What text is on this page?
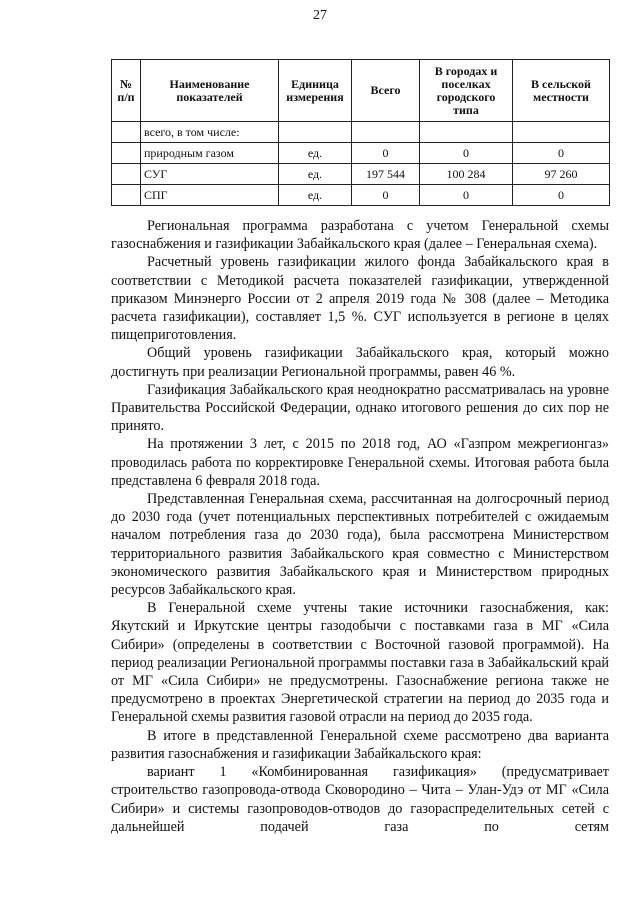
27
№ п/п	Наименование показателей	Единица измерения	Всего	В городах и поселках городского типа	В сельской местности
	всего, в том числе:				
	природным газом	ед.	0	0	0
	СУГ	ед.	197 544	100 284	97 260
	СПГ	ед.	0	0	0

Региональная программа разработана с учетом Генеральной схемы газоснабжения и газификации Забайкальского края (далее – Генеральная схема).

Расчетный уровень газификации жилого фонда Забайкальского края в соответствии с Методикой расчета показателей газификации, утвержденной приказом Минэнерго России от 2 апреля 2019 года № 308 (далее – Методика расчета газификации), составляет 1,5 %. СУГ используется в регионе в целях пищеприготовления.

Общий уровень газификации Забайкальского края, который можно достигнуть при реализации Региональной программы, равен 46 %.

Газификация Забайкальского края неоднократно рассматривалась на уровне Правительства Российской Федерации, однако итогового решения до сих пор не принято.

На протяжении 3 лет, с 2015 по 2018 год, АО «Газпром межрегионгаз» проводилась работа по корректировке Генеральной схемы. Итоговая работа была представлена 6 февраля 2018 года.

Представленная Генеральная схема, рассчитанная на долгосрочный период до 2030 года (учет потенциальных перспективных потребителей с ожидаемым началом потребления газа до 2030 года), была рассмотрена Министерством территориального развития Забайкальского края совместно с Министерством экономического развития Забайкальского края и Министерством природных ресурсов Забайкальского края.

В Генеральной схеме учтены такие источники газоснабжения, как: Якутский и Иркутские центры газодобычи с поставками газа в МГ «Сила Сибири» (определены в соответствии с Восточной газовой программой). На период реализации Региональной программы поставки газа в Забайкальский край от МГ «Сила Сибири» не предусмотрены. Газоснабжение региона также не предусмотрено в проектах Энергетической стратегии на период до 2035 года и Генеральной схемы развития газовой отрасли на период до 2035 года.

В итоге в представленной Генеральной схеме рассмотрено два варианта развития газоснабжения и газификации Забайкальского края:

вариант 1 «Комбинированная газификация» (предусматривает строительство газопровода-отвода Сковородино – Чита – Улан-Удэ от МГ «Сила Сибири» и системы газопроводов-отводов до газораспределительных сетей с дальнейшей подачей газа по сетям
